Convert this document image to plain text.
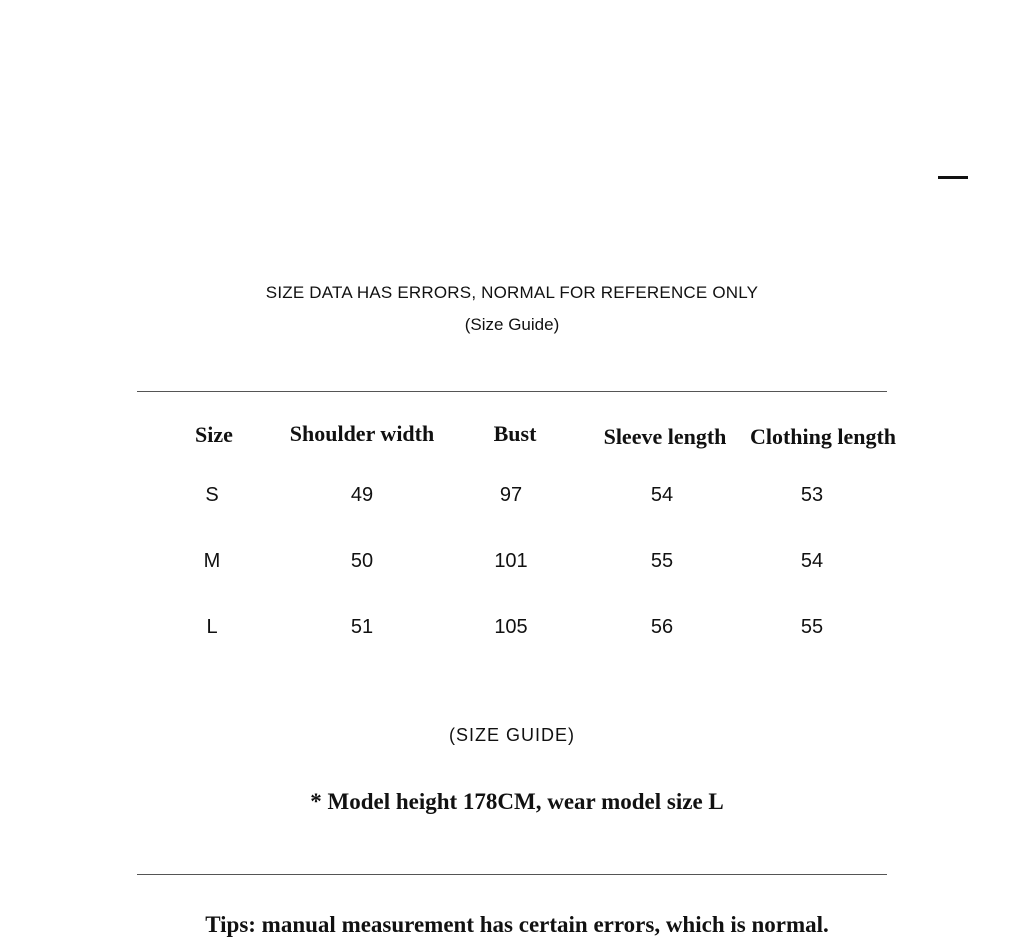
SIZE DATA HAS ERRORS, NORMAL FOR REFERENCE ONLY
(Size Guide)
Size	Shoulder width	Bust	Sleeve length	Clothing length
S	49	97	54	53
M	50	101	55	54
L	51	105	56	55
(SIZE GUIDE)
* Model height 178CM, wear model size L
Tips: manual measurement has certain errors, which is normal.
